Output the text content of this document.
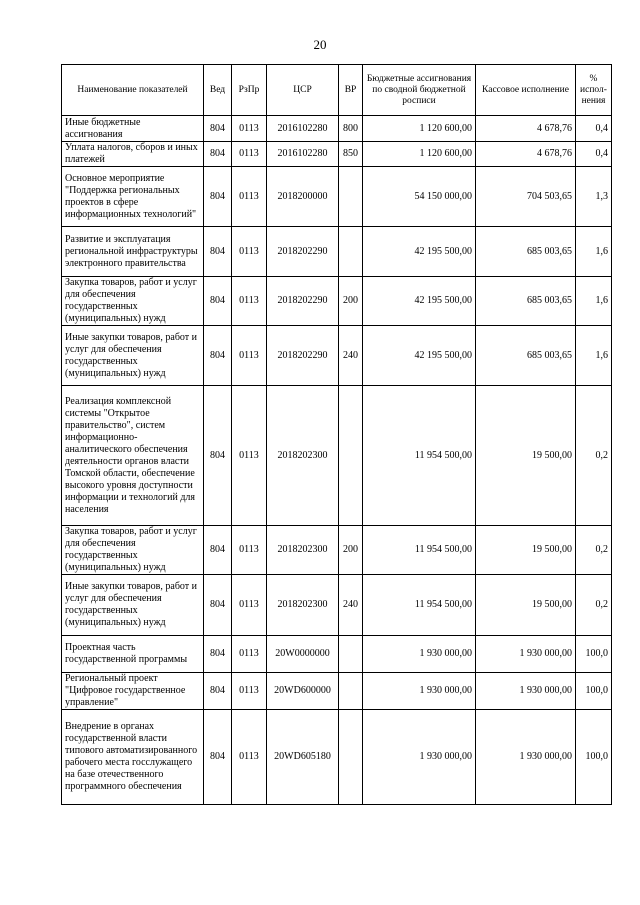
20
Наименование показателей	Вед	РзПр	ЦСР	ВР	Бюджетные ассигнования по сводной бюджетной росписи	Кассовое исполнение	% испол-нения
Иные бюджетные ассигнования	804	0113	2016102280	800	1 120 600,00	4 678,76	0,4
Уплата налогов, сборов и иных платежей	804	0113	2016102280	850	1 120 600,00	4 678,76	0,4
Основное мероприятие "Поддержка региональных проектов в сфере информационных технологий"	804	0113	2018200000		54 150 000,00	704 503,65	1,3
Развитие и эксплуатация региональной инфраструктуры электронного правительства	804	0113	2018202290		42 195 500,00	685 003,65	1,6
Закупка товаров, работ и услуг для обеспечения государственных (муниципальных) нужд	804	0113	2018202290	200	42 195 500,00	685 003,65	1,6
Иные закупки товаров, работ и услуг для обеспечения государственных (муниципальных) нужд	804	0113	2018202290	240	42 195 500,00	685 003,65	1,6
Реализация комплексной системы "Открытое правительство", систем информационно-аналитического обеспечения деятельности органов власти Томской области, обеспечение высокого уровня доступности информации и технологий для населения	804	0113	2018202300		11 954 500,00	19 500,00	0,2
Закупка товаров, работ и услуг для обеспечения государственных (муниципальных) нужд	804	0113	2018202300	200	11 954 500,00	19 500,00	0,2
Иные закупки товаров, работ и услуг для обеспечения государственных (муниципальных) нужд	804	0113	2018202300	240	11 954 500,00	19 500,00	0,2
Проектная часть государственной программы	804	0113	20W0000000		1 930 000,00	1 930 000,00	100,0
Региональный проект "Цифровое государственное управление"	804	0113	20WD600000		1 930 000,00	1 930 000,00	100,0
Внедрение в органах государственной власти типового автоматизированного рабочего места госслужащего на базе отечественного программного обеспечения	804	0113	20WD605180		1 930 000,00	1 930 000,00	100,0
